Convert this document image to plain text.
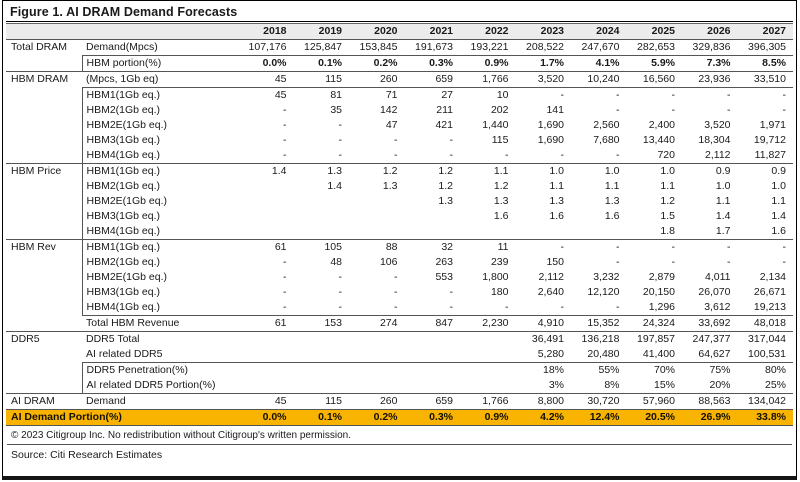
Figure 1. AI DRAM Demand Forecasts
		2018	2019	2020	2021	2022	2023	2024	2025	2026	2027
Total DRAM	Demand(Mpcs)	107,176	125,847	153,845	191,673	193,221	208,522	247,670	282,653	329,836	396,305
	HBM portion(%)	0.0%	0.1%	0.2%	0.3%	0.9%	1.7%	4.1%	5.9%	7.3%	8.5%
HBM DRAM	(Mpcs, 1Gb eq)	45	115	260	659	1,766	3,520	10,240	16,560	23,936	33,510
	HBM1(1Gb eq.)	45	81	71	27	10	-	-	-	-	-
	HBM2(1Gb eq.)	-	35	142	211	202	141	-	-	-	-
	HBM2E(1Gb eq.)	-	-	47	421	1,440	1,690	2,560	2,400	3,520	1,971
	HBM3(1Gb eq.)	-	-	-	-	115	1,690	7,680	13,440	18,304	19,712
	HBM4(1Gb eq.)	-	-	-	-	-	-	-	720	2,112	11,827
HBM Price	HBM1(1Gb eq.)	1.4	1.3	1.2	1.2	1.1	1.0	1.0	1.0	0.9	0.9
	HBM2(1Gb eq.)		1.4	1.3	1.2	1.2	1.1	1.1	1.1	1.0	1.0
	HBM2E(1Gb eq.)				1.3	1.3	1.3	1.3	1.2	1.1	1.1
	HBM3(1Gb eq.)					1.6	1.6	1.6	1.5	1.4	1.4
	HBM4(1Gb eq.)								1.8	1.7	1.6
HBM Rev	HBM1(1Gb eq.)	61	105	88	32	11	-	-	-	-	-
	HBM2(1Gb eq.)	-	48	106	263	239	150	-	-	-	-
	HBM2E(1Gb eq.)	-	-	-	553	1,800	2,112	3,232	2,879	4,011	2,134
	HBM3(1Gb eq.)	-	-	-	-	180	2,640	12,120	20,150	26,070	26,671
	HBM4(1Gb eq.)	-	-	-	-	-	-	-	1,296	3,612	19,213
	Total HBM Revenue	61	153	274	847	2,230	4,910	15,352	24,324	33,692	48,018
DDR5	DDR5 Total						36,491	136,218	197,857	247,377	317,044
	AI related DDR5						5,280	20,480	41,400	64,627	100,531
	DDR5 Penetration(%)						18%	55%	70%	75%	80%
	AI related DDR5 Portion(%)						3%	8%	15%	20%	25%
AI DRAM	Demand	45	115	260	659	1,766	8,800	30,720	57,960	88,563	134,042
AI Demand Portion(%)		0.0%	0.1%	0.2%	0.3%	0.9%	4.2%	12.4%	20.5%	26.9%	33.8%
© 2023 Citigroup Inc. No redistribution without Citigroup's written permission.
Source: Citi Research Estimates
